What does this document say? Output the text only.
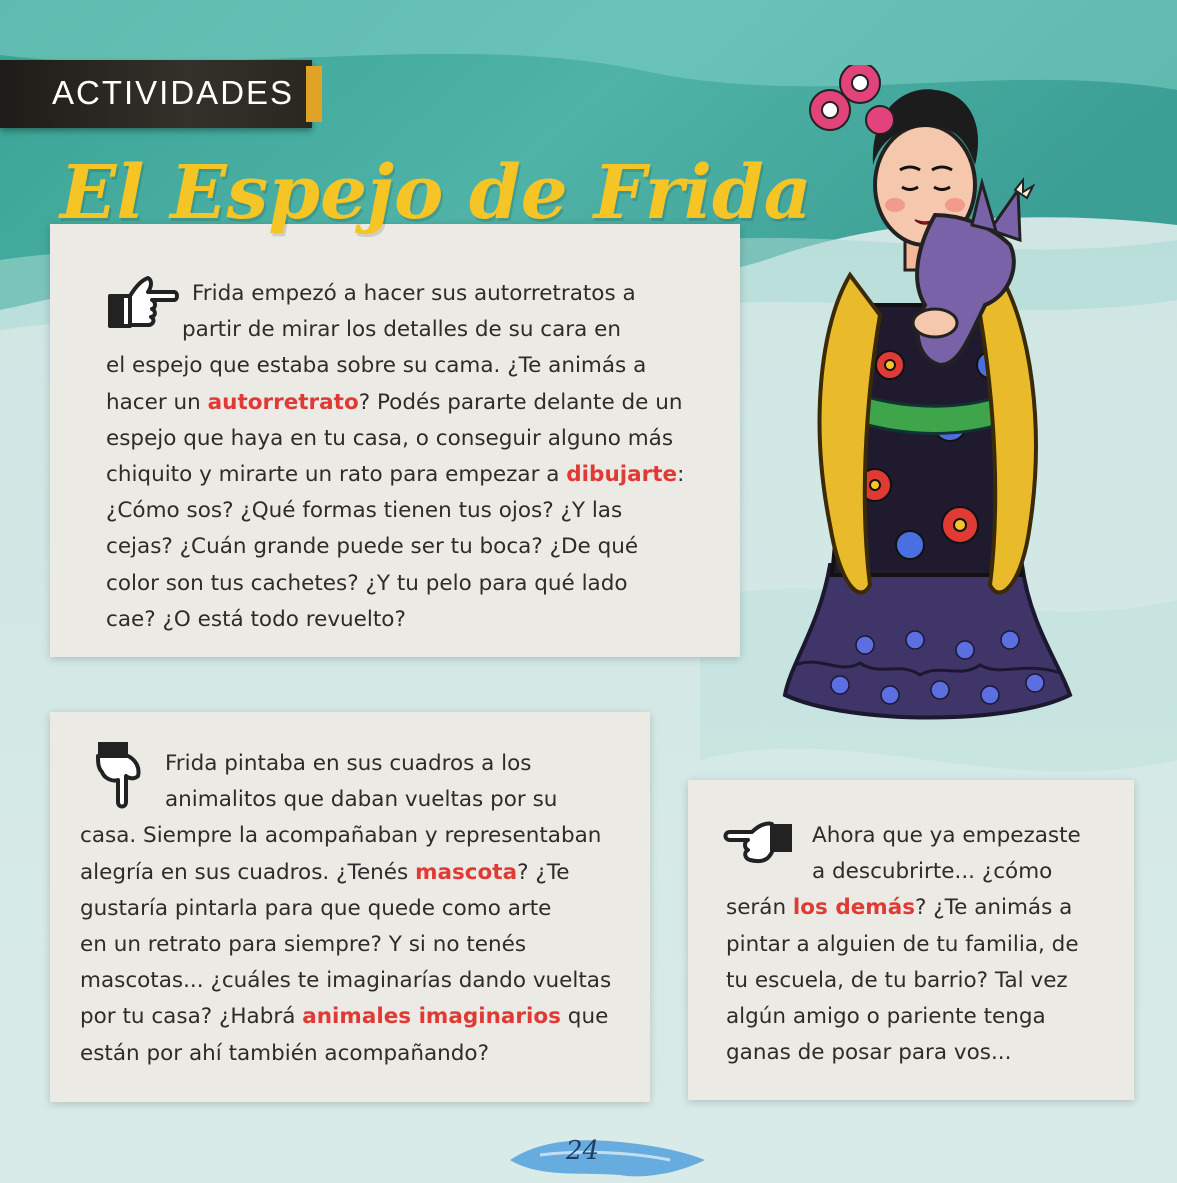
ACTIVIDADES
El Espejo de Frida

Frida empezó a hacer sus autorretratos a

partir de mirar los detalles de su cara en

el espejo que estaba sobre su cama. ¿Te animás a

hacer un autorretrato? Podés pararte delante de un

espejo que haya en tu casa, o conseguir alguno más

chiquito y mirarte un rato para empezar a dibujarte:

¿Cómo sos? ¿Qué formas tienen tus ojos? ¿Y las

cejas? ¿Cuán grande puede ser tu boca? ¿De qué

color son tus cachetes? ¿Y tu pelo para qué lado

cae? ¿O está todo revuelto?

Frida pintaba en sus cuadros a los

animalitos que daban vueltas por su

casa. Siempre la acompañaban y representaban

alegría en sus cuadros. ¿Tenés mascota? ¿Te

gustaría pintarla para que quede como arte

en un retrato para siempre? Y si no tenés

mascotas... ¿cuáles te imaginarías dando vueltas

por tu casa? ¿Habrá animales imaginarios que

están por ahí también acompañando?

Ahora que ya empezaste

a descubrirte... ¿cómo

serán los demás? ¿Te animás a

pintar a alguien de tu familia, de

tu escuela, de tu barrio? Tal vez

algún amigo o pariente tenga

ganas de posar para vos...

24
